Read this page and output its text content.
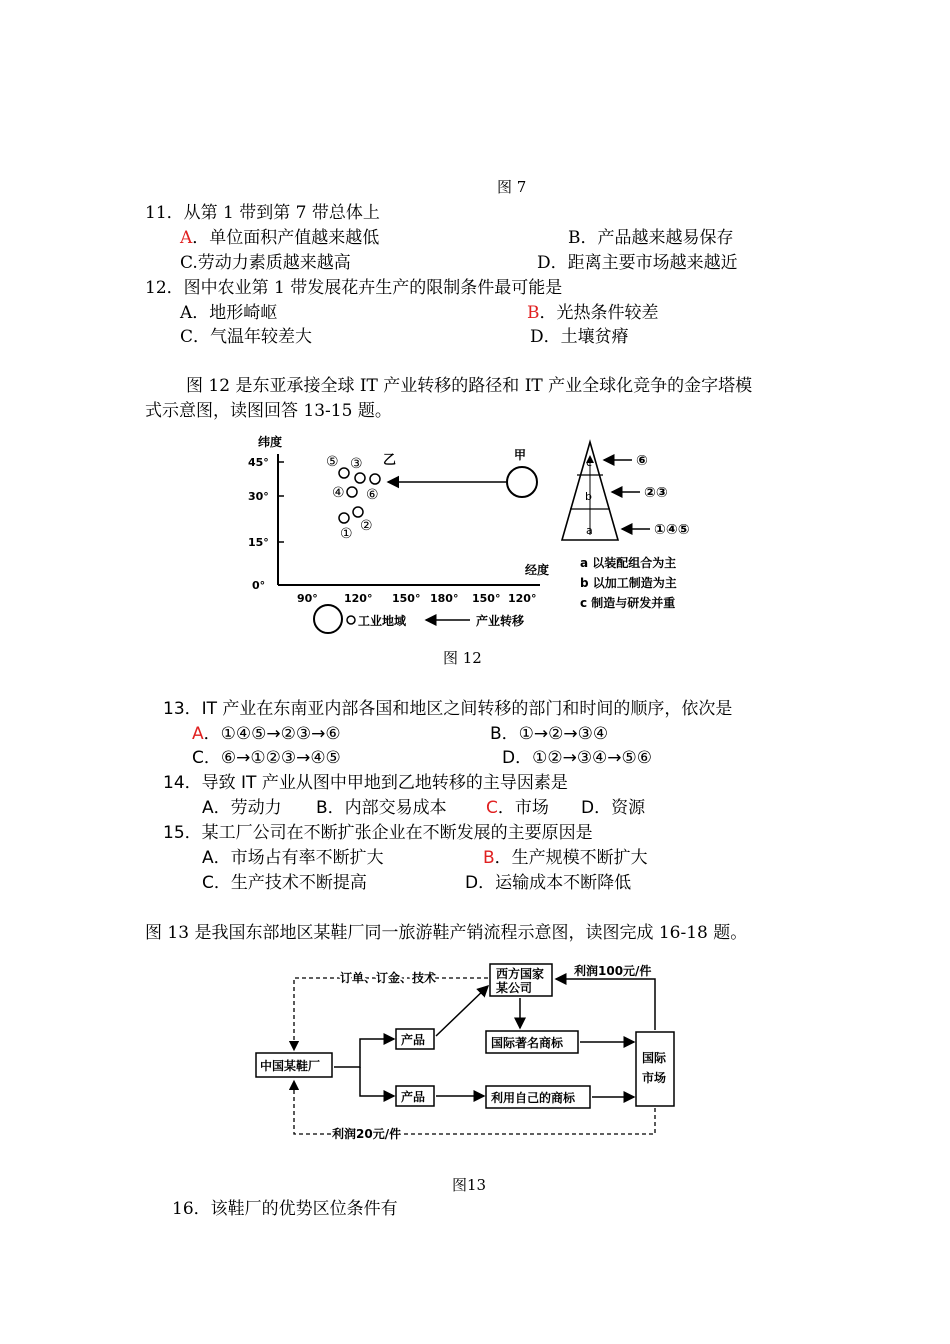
图 7
11．从第 1 带到第 7 带总体上
A．单位面积产值越来越低	B．产品越来越易保存
C.劳动力素质越来越高	D．距离主要市场越来越近
12．图中农业第 1 带发展花卉生产的限制条件最可能是
A．地形崎岖	B．光热条件较差
C．气温年较差大	D．土壤贫瘠
图 12 是东亚承接全球 IT 产业转移的路径和 IT 产业全球化竞争的金字塔模
式示意图，读图回答 13-15 题。
纬度
经度
45°
30°
15°
0°
90° 120° 150° 180° 150° 120°
⑤ ③
④ ⑥
① ②
乙	甲
工业地域	产业转移
c
b
a
⑥
②③
①④⑤
a 以装配组合为主
b 以加工制造为主
c 制造与研发并重
图 12
13．IT 产业在东南亚内部各国和地区之间转移的部门和时间的顺序，依次是
A．①④⑤→②③→⑥	B．①→②→③④
C．⑥→①②③→④⑤	D．①②→③④→⑤⑥
14．导致 IT 产业从图中甲地到乙地转移的主导因素是
A．劳动力 B．内部交易成本 C．市场 D．资源
15．某工厂公司在不断扩张企业在不断发展的主要原因是
A．市场占有率不断扩大	B．生产规模不断扩大
C．生产技术不断提高	D．运输成本不断降低
图 13 是我国东部地区某鞋厂同一旅游鞋产销流程示意图，读图完成 16-18 题。
中国某鞋厂
西方国家
某公司
产品
产品
国际著名商标
利用自己的商标
国际
市场
利润100元/件
订单、订金、技术
利润20元/件
图13
16．该鞋厂的优势区位条件有
